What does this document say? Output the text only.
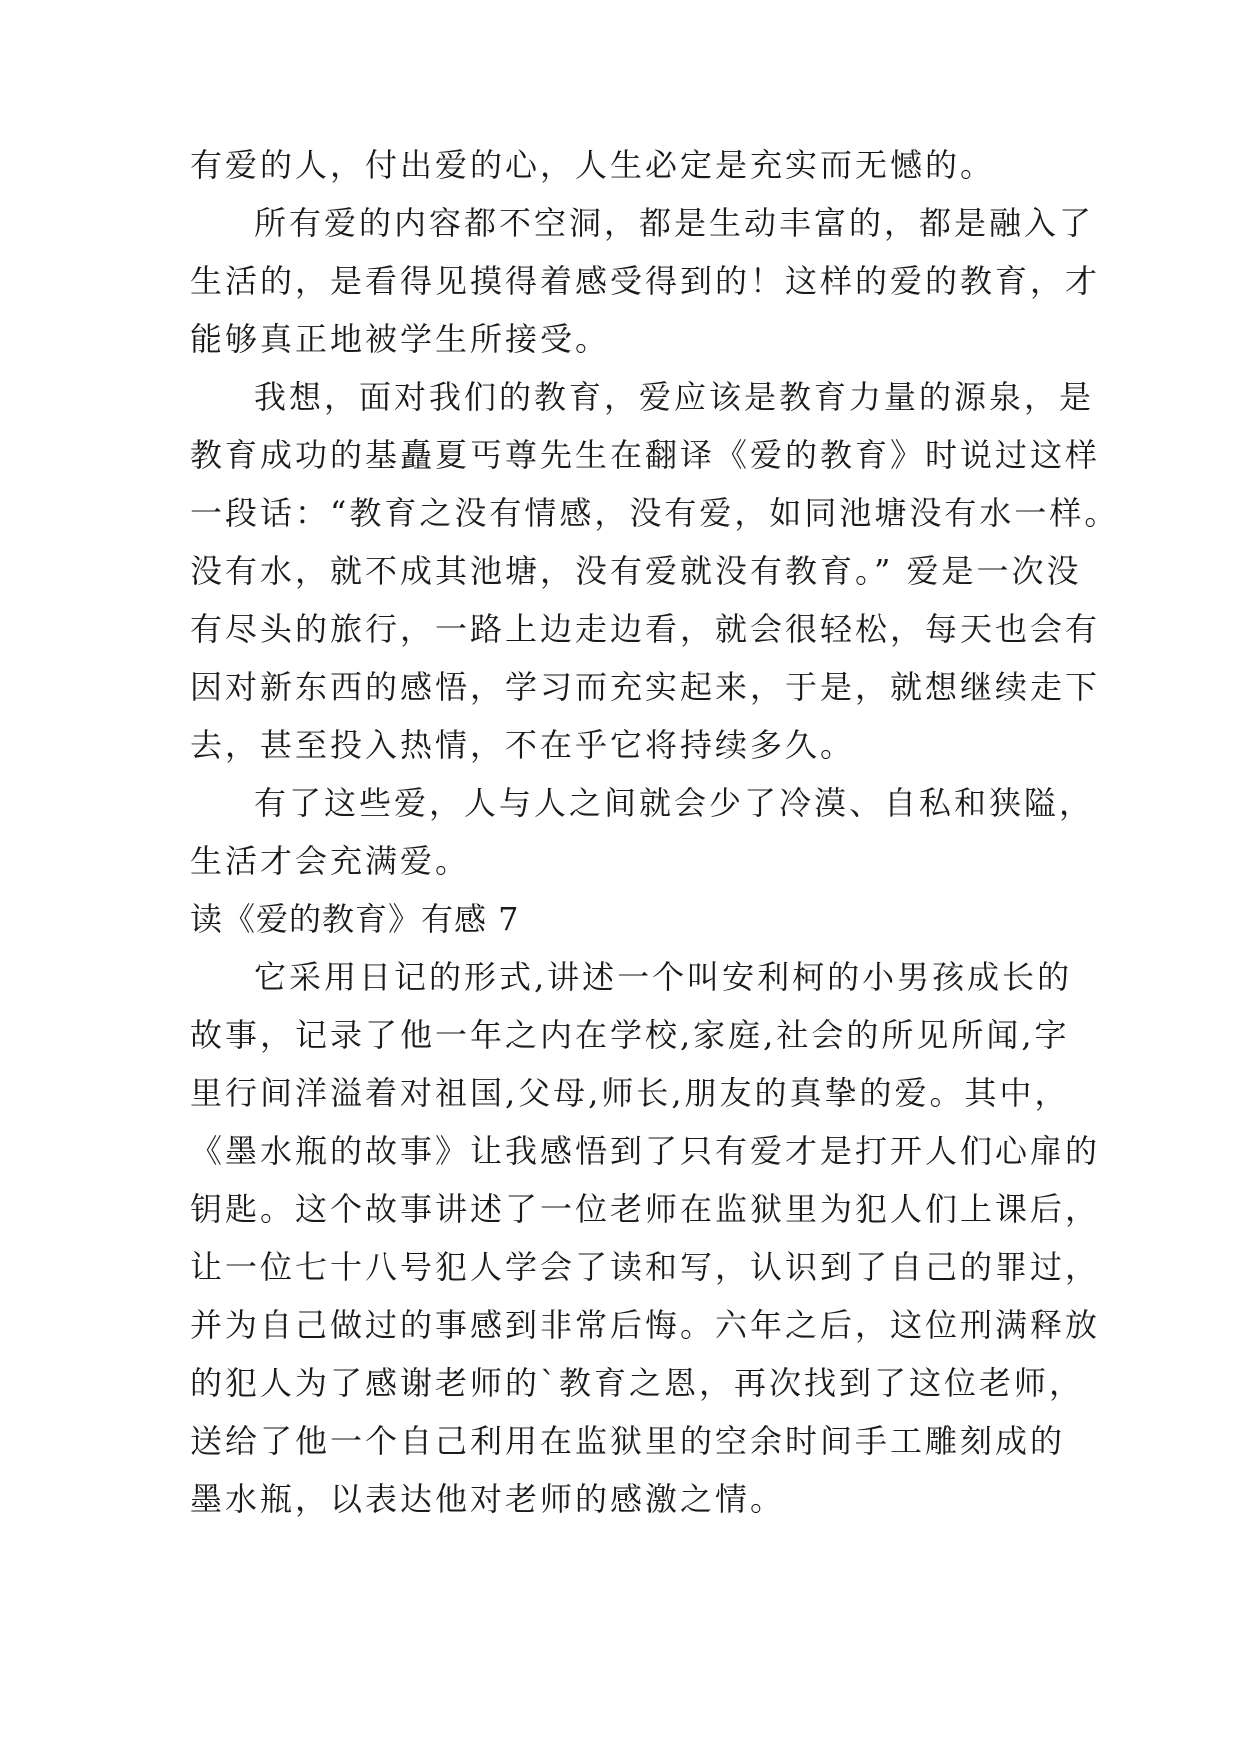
有爱的人，付出爱的心，人生必定是充实而无憾的。
所有爱的内容都不空洞，都是生动丰富的，都是融入了
生活的，是看得见摸得着感受得到的！这样的爱的教育，才
能够真正地被学生所接受。
我想，面对我们的教育，爱应该是教育力量的源泉，是
教育成功的基矗夏丐尊先生在翻译《爱的教育》时说过这样
一段话：“教育之没有情感，没有爱，如同池塘没有水一样。
没有水，就不成其池塘，没有爱就没有教育。” 爱是一次没
有尽头的旅行，一路上边走边看，就会很轻松，每天也会有
因对新东西的感悟，学习而充实起来，于是，就想继续走下
去，甚至投入热情，不在乎它将持续多久。
有了这些爱，人与人之间就会少了冷漠、自私和狭隘，
生活才会充满爱。
读《爱的教育》有感 7
它采用日记的形式,讲述一个叫安利柯的小男孩成长的
故事，记录了他一年之内在学校,家庭,社会的所见所闻,字
里行间洋溢着对祖国,父母,师长,朋友的真挚的爱。其中，
《墨水瓶的故事》让我感悟到了只有爱才是打开人们心扉的
钥匙。这个故事讲述了一位老师在监狱里为犯人们上课后，
让一位七十八号犯人学会了读和写，认识到了自己的罪过，
并为自己做过的事感到非常后悔。六年之后，这位刑满释放
的犯人为了感谢老师的`教育之恩，再次找到了这位老师，
送给了他一个自己利用在监狱里的空余时间手工雕刻成的
墨水瓶，以表达他对老师的感激之情。
